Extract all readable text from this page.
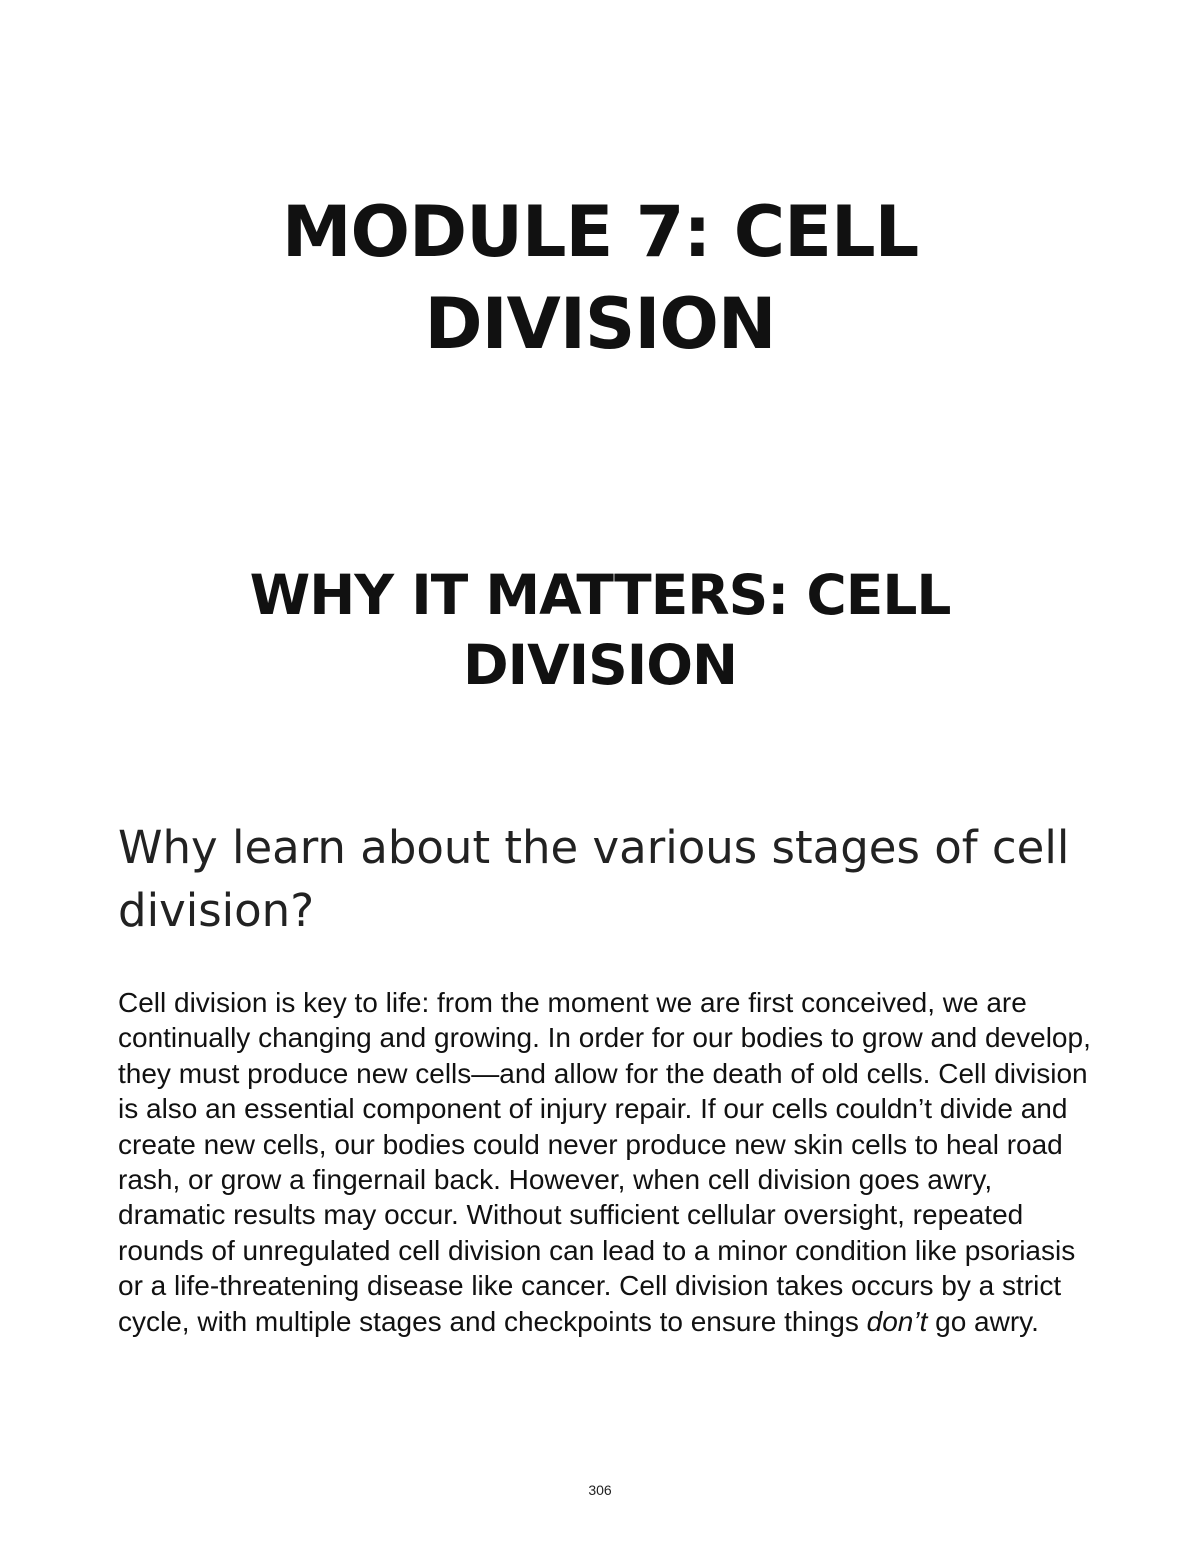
MODULE 7: CELL
DIVISION
WHY IT MATTERS: CELL
DIVISION
Why learn about the various stages of cell division?

Cell division is key to life: from the moment we are first conceived, we are continually changing and growing. In order for our bodies to grow and develop, they must produce new cells—and allow for the death of old cells. Cell division is also an essential component of injury repair. If our cells couldn’t divide and create new cells, our bodies could never produce new skin cells to heal road rash, or grow a fingernail back. However, when cell division goes awry, dramatic results may occur. Without sufficient cellular oversight, repeated rounds of unregulated cell division can lead to a minor condition like psoriasis or a life-threatening disease like cancer. Cell division takes occurs by a strict cycle, with multiple stages and checkpoints to ensure things don’t go awry.

306
